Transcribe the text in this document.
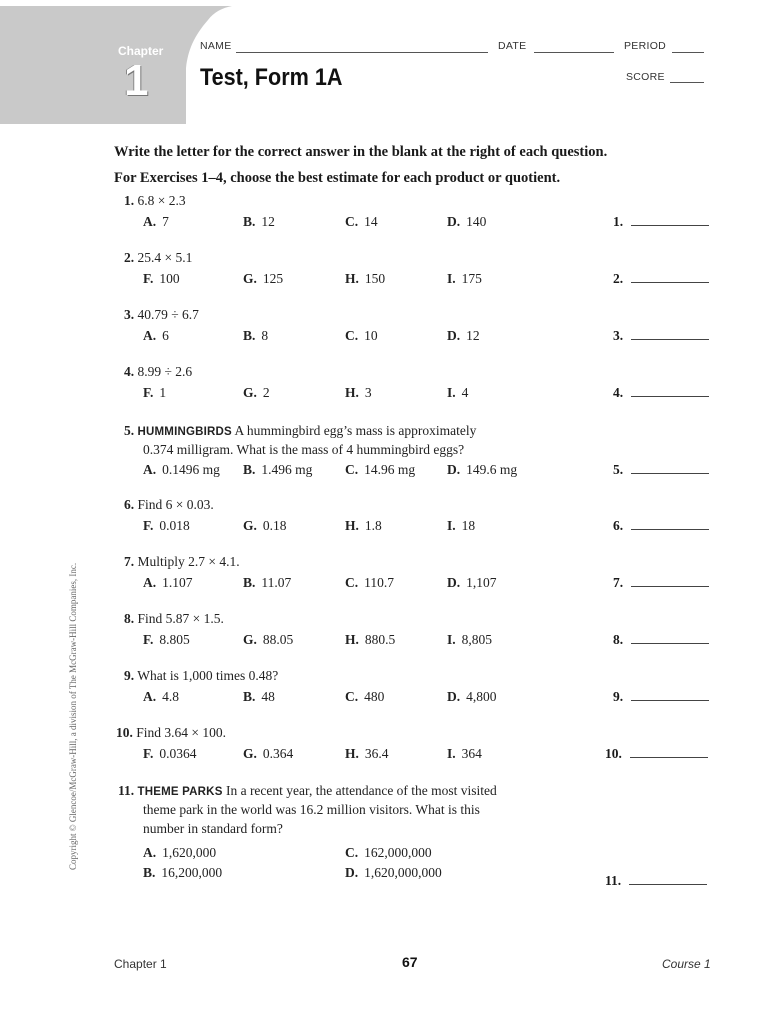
Chapter
1
NAME	DATE	PERIOD
SCORE
Test, Form 1A
Write the letter for the correct answer in the blank at the right of each question.
For Exercises 1–4, choose the best estimate for each product or quotient.
1. 6.8 × 2.3
A. 7	B. 12	C. 14	D. 140	1.
2. 25.4 × 5.1
F. 100	G. 125	H. 150	I. 175	2.
3. 40.79 ÷ 6.7
A. 6	B. 8	C. 10	D. 12	3.
4. 8.99 ÷ 2.6
F. 1	G. 2	H. 3	I. 4	4.
5. HUMMINGBIRDS A hummingbird egg’s mass is approximately
0.374 milligram. What is the mass of 4 hummingbird eggs?
A. 0.1496 mg B. 1.496 mg C. 14.96 mg D. 149.6 mg	5.
6. Find 6 × 0.03.
F. 0.018	G. 0.18	H. 1.8	I. 18	6.
7. Multiply 2.7 × 4.1.
A. 1.107	B. 11.07	C. 110.7	D. 1,107	7.
8. Find 5.87 × 1.5.
F. 8.805	G. 88.05	H. 880.5	I. 8,805	8.
9. What is 1,000 times 0.48?
A. 4.8	B. 48	C. 480	D. 4,800	9.
10. Find 3.64 × 100.
F. 0.0364	G. 0.364	H. 36.4	I. 364	10.
11. THEME PARKS In a recent year, the attendance of the most visited
theme park in the world was 16.2 million visitors. What is this
number in standard form?
A. 1,620,000	C. 162,000,000
B. 16,200,000	D. 1,620,000,000
11.
Copyright © Glencoe/McGraw-Hill, a division of The McGraw-Hill Companies, Inc.
Chapter 1	67	Course 1
